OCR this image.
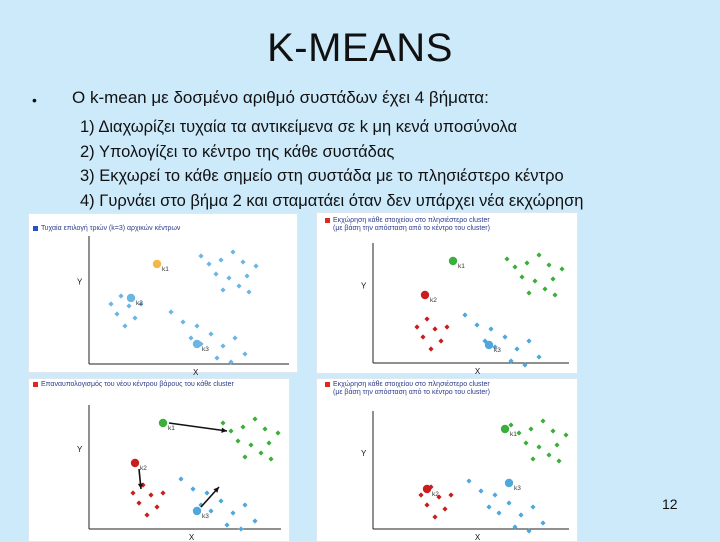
K-MEANS
• Ο k-mean με δοσμένο αριθμό συστάδων έχει 4 βήματα:
1) Διαχωρίζει τυχαία τα αντικείμενα σε k μη κενά υποσύνολα
2) Υπολογίζει το κέντρο της κάθε συστάδας
3) Εκχωρεί το κάθε σημείο στη συστάδα με το πλησιέστερο κέντρο
4) Γυρνάει στο βήμα 2 και σταματάει όταν δεν υπάρχει νέα εκχώρηση
Τυχαία επιλογή τριών (k=3) αρχικών κέντρων
Y
X
k1
k2
k3
Εκχώρηση κάθε στοιχείου στο πλησιέστερο cluster
(με βάση την απόσταση από το κέντρο του cluster)
Y
X
k1
k2
k3
Επαναυπολογισμός του νέου κέντρου βάρους του κάθε cluster
Y
X
k1
k2
k3
Εκχώρηση κάθε στοιχείου στο πλησιέστερο cluster
(με βάση την απόσταση από το κέντρο του cluster)
Y
X
k1
k2
k3
12
